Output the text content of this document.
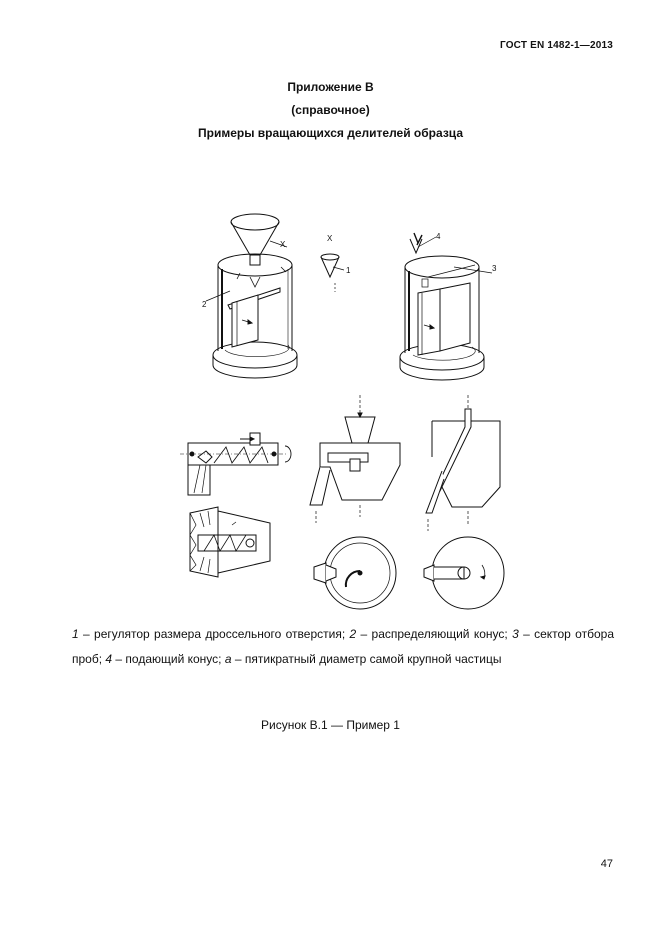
ГОСТ EN 1482-1—2013
Приложение В
(справочное)
Примеры вращающихся делителей образца
X
X
1
2
3
4
1 – регулятор размера дроссельного отверстия; 2 – распределяющий конус; 3 – сектор отбора проб; 4 – подающий конус; a – пятикратный диаметр самой крупной частицы
Рисунок В.1 — Пример 1
47
